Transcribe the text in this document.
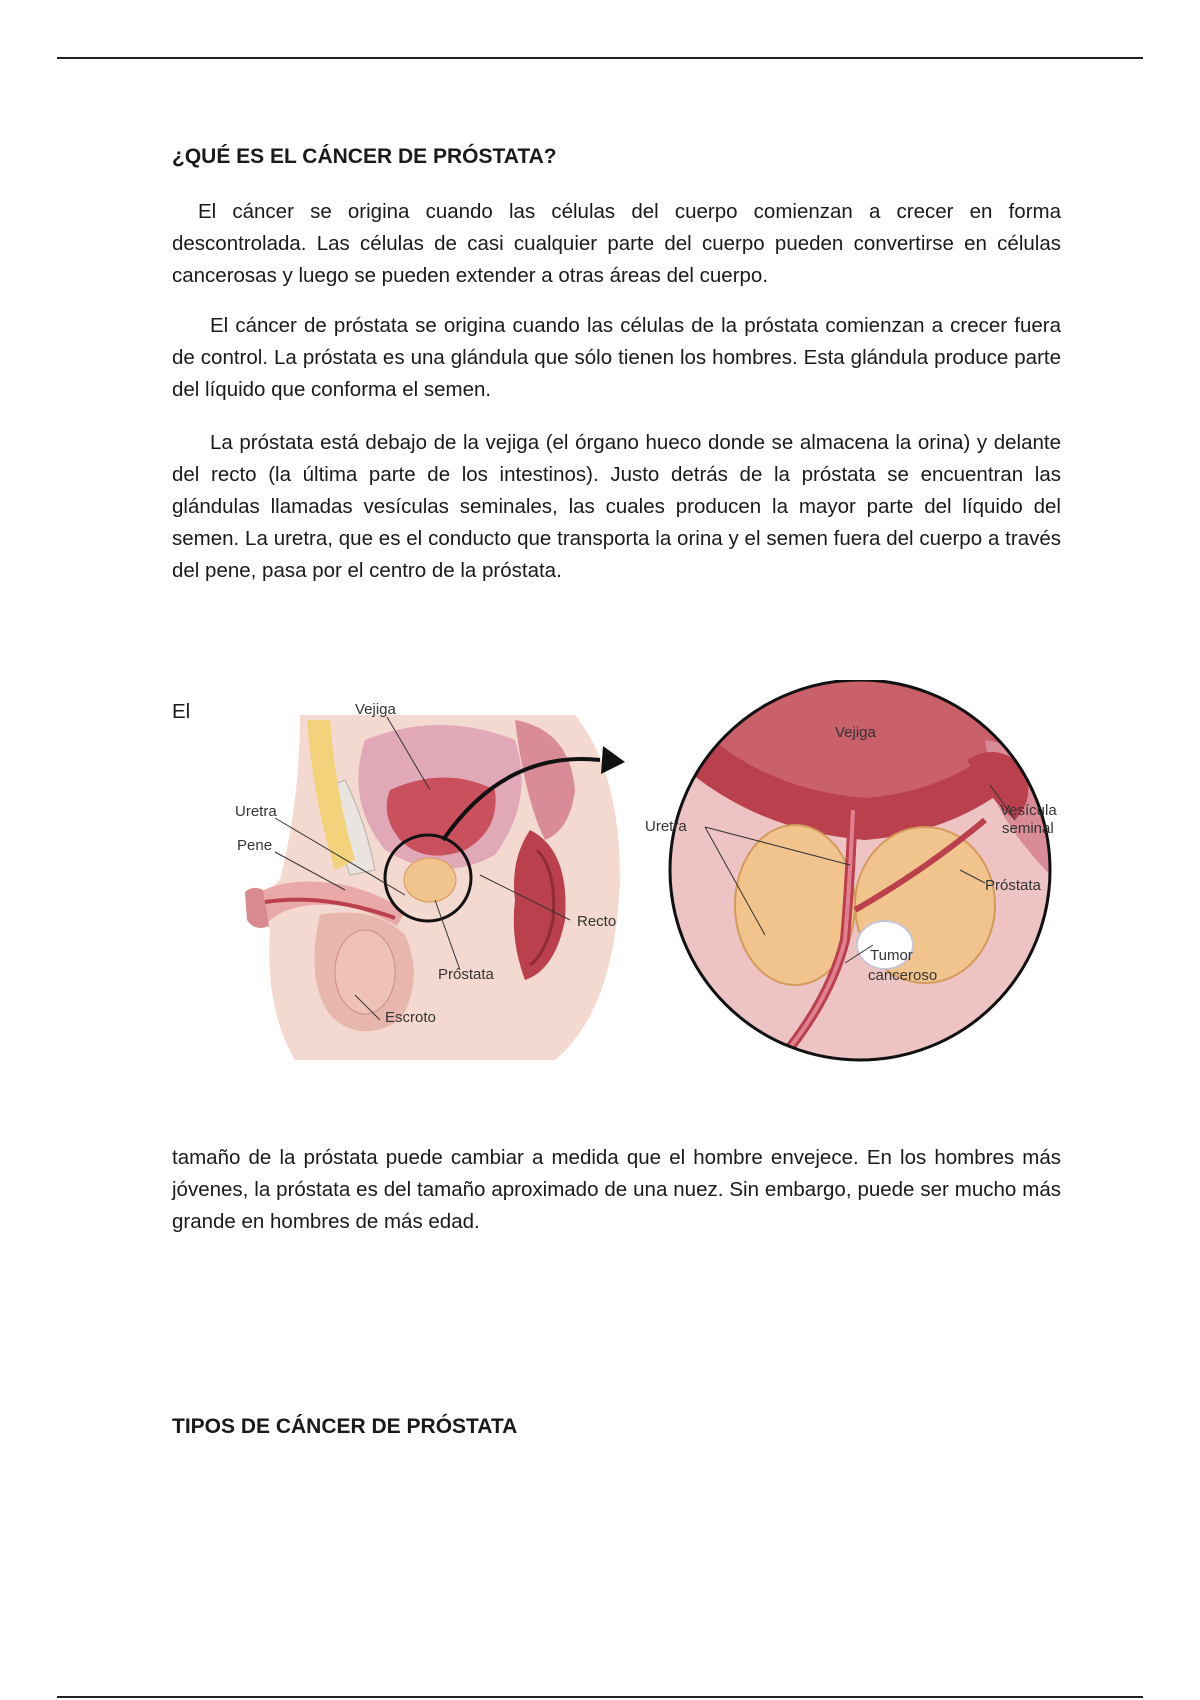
¿QUÉ ES EL CÁNCER DE PRÓSTATA?

El cáncer se origina cuando las células del cuerpo comienzan a crecer en forma descontrolada. Las células de casi cualquier parte del cuerpo pueden convertirse en células cancerosas y luego se pueden extender a otras áreas del cuerpo.

El cáncer de próstata se origina cuando las células de la próstata comienzan a crecer fuera de control. La próstata es una glándula que sólo tienen los hombres. Esta glándula produce parte del líquido que conforma el semen.

La próstata está debajo de la vejiga (el órgano hueco donde se almacena la orina) y delante del recto (la última parte de los intestinos). Justo detrás de la próstata se encuentran las glándulas llamadas vesículas seminales, las cuales producen la mayor parte del líquido del semen. La uretra, que es el conducto que transporta la orina y el semen fuera del cuerpo a través del pene, pasa por el centro de la próstata.

El	Vejiga
Uretra
Pene
Recto
Próstata
Escroto
Vejiga
Uretra
Vesícula
seminal
Próstata
Tumor
canceroso

tamaño de la próstata puede cambiar a medida que el hombre envejece. En los hombres más jóvenes, la próstata es del tamaño aproximado de una nuez. Sin embargo, puede ser mucho más grande en hombres de más edad.

TIPOS DE CÁNCER DE PRÓSTATA
